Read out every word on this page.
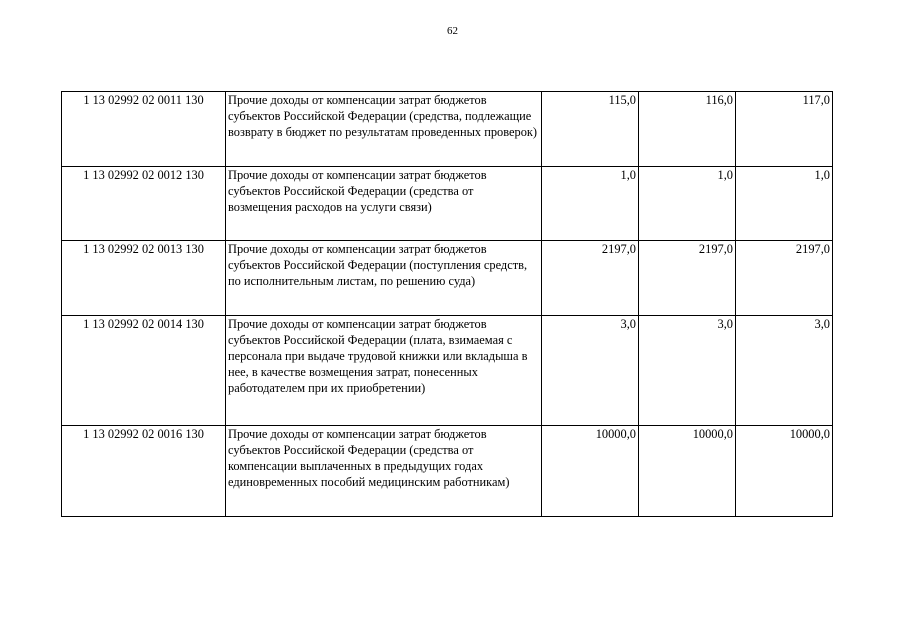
62
1 13 02992 02 0011 130	Прочие доходы от компенсации затрат бюджетов субъектов Российской Федерации (средства, подлежащие возврату в бюджет по результатам проведенных проверок)	115,0	116,0	117,0
1 13 02992 02 0012 130	Прочие доходы от компенсации затрат бюджетов субъектов Российской Федерации (средства от возмещения расходов на услуги связи)	1,0	1,0	1,0
1 13 02992 02 0013 130	Прочие доходы от компенсации затрат бюджетов субъектов Российской Федерации (поступления средств, по исполнительным листам, по решению суда)	2197,0	2197,0	2197,0
1 13 02992 02 0014 130	Прочие доходы от компенсации затрат бюджетов субъектов Российской Федерации (плата, взимаемая с персонала при выдаче трудовой книжки или вкладыша в нее, в качестве возмещения затрат, понесенных работодателем при их приобретении)	3,0	3,0	3,0
1 13 02992 02 0016 130	Прочие доходы от компенсации затрат бюджетов субъектов Российской Федерации (средства от компенсации выплаченных в предыдущих годах единовременных пособий медицинским работникам)	10000,0	10000,0	10000,0
